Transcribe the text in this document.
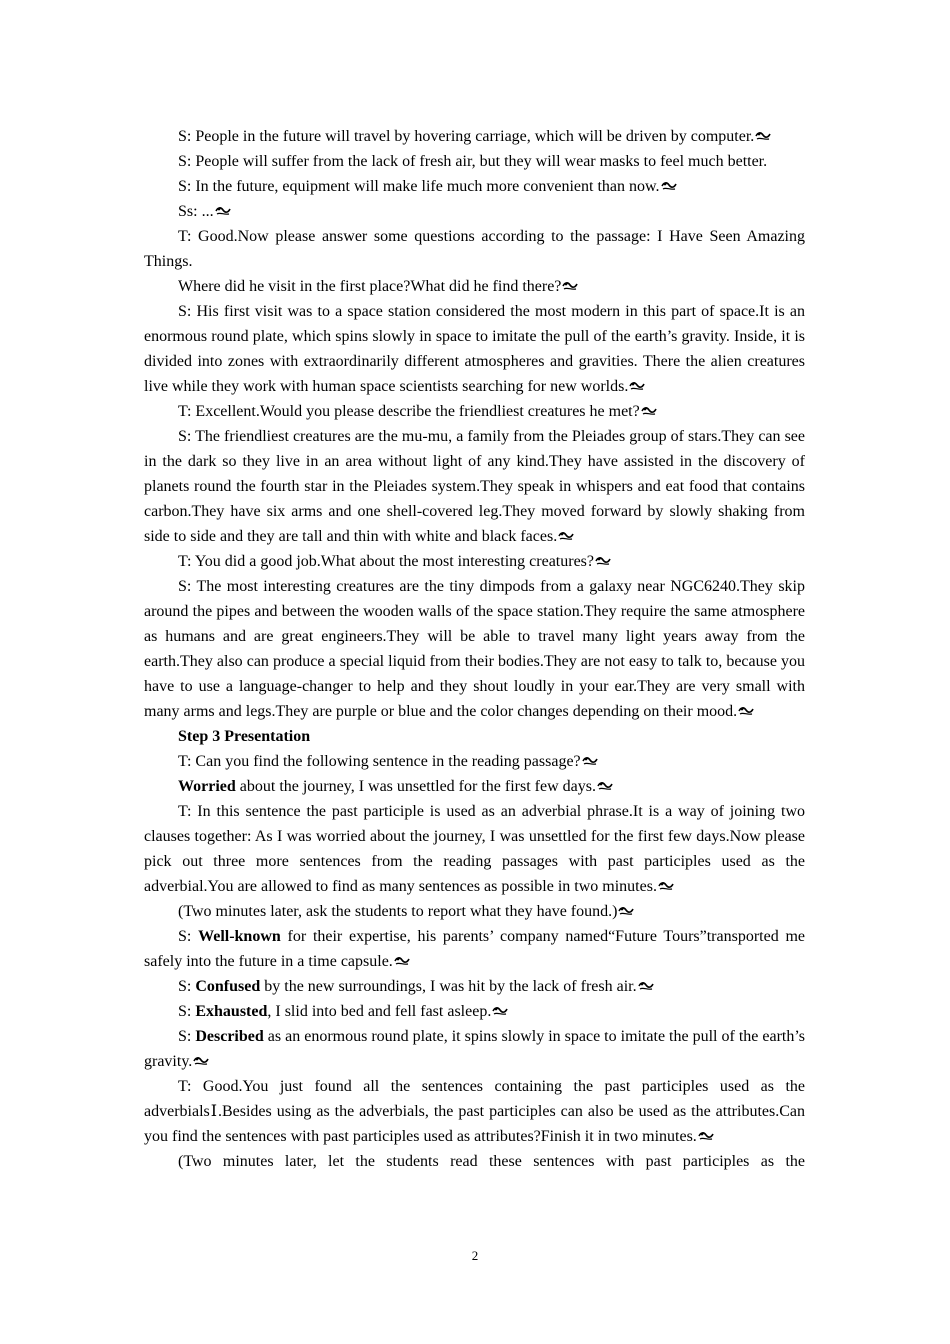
S: People in the future will travel by hovering carriage, which will be driven by computer.

S: People will suffer from the lack of fresh air, but they will wear masks to feel much better.

S: In the future, equipment will make life much more convenient than now.

Ss: ...

T: Good.Now please answer some questions according to the passage: I Have Seen Amazing Things.

Where did he visit in the first place?What did he find there?

S: His first visit was to a space station considered the most modern in this part of space.It is an enormous round plate, which spins slowly in space to imitate the pull of the earth’s gravity. Inside, it is divided into zones with extraordinarily different atmospheres and gravities. There the alien creatures live while they work with human space scientists searching for new worlds.

T: Excellent.Would you please describe the friendliest creatures he met?

S: The friendliest creatures are the mu-mu, a family from the Pleiades group of stars.They can see in the dark so they live in an area without light of any kind.They have assisted in the discovery of planets round the fourth star in the Pleiades system.They speak in whispers and eat food that contains carbon.They have six arms and one shell-covered leg.They moved forward by slowly shaking from side to side and they are tall and thin with white and black faces.

T: You did a good job.What about the most interesting creatures?

S: The most interesting creatures are the tiny dimpods from a galaxy near NGC6240.They skip around the pipes and between the wooden walls of the space station.They require the same atmosphere as humans and are great engineers.They will be able to travel many light years away from the earth.They also can produce a special liquid from their bodies.They are not easy to talk to, because you have to use a language-changer to help and they shout loudly in your ear.They are very small with many arms and legs.They are purple or blue and the color changes depending on their mood.

Step 3 Presentation

T: Can you find the following sentence in the reading passage?

Worried about the journey, I was unsettled for the first few days.

T: In this sentence the past participle is used as an adverbial phrase.It is a way of joining two clauses together: As I was worried about the journey, I was unsettled for the first few days.Now please pick out three more sentences from the reading passages with past participles used as the adverbial.You are allowed to find as many sentences as possible in two minutes.

(Two minutes later, ask the students to report what they have found.)

S: Well-known for their expertise, his parents’ company named“Future Tours”transported me safely into the future in a time capsule.

S: Confused by the new surroundings, I was hit by the lack of fresh air.

S: Exhausted, I slid into bed and fell fast asleep.

S: Described as an enormous round plate, it spins slowly in space to imitate the pull of the earth’s gravity.

T: Good.You just found all the sentences containing the past participles used as the adverbialsⅠ.Besides using as the adverbials, the past participles can also be used as the attributes.Can you find the sentences with past participles used as attributes?Finish it in two minutes.

(Two minutes later, let the students read these sentences with past participles as the

2
